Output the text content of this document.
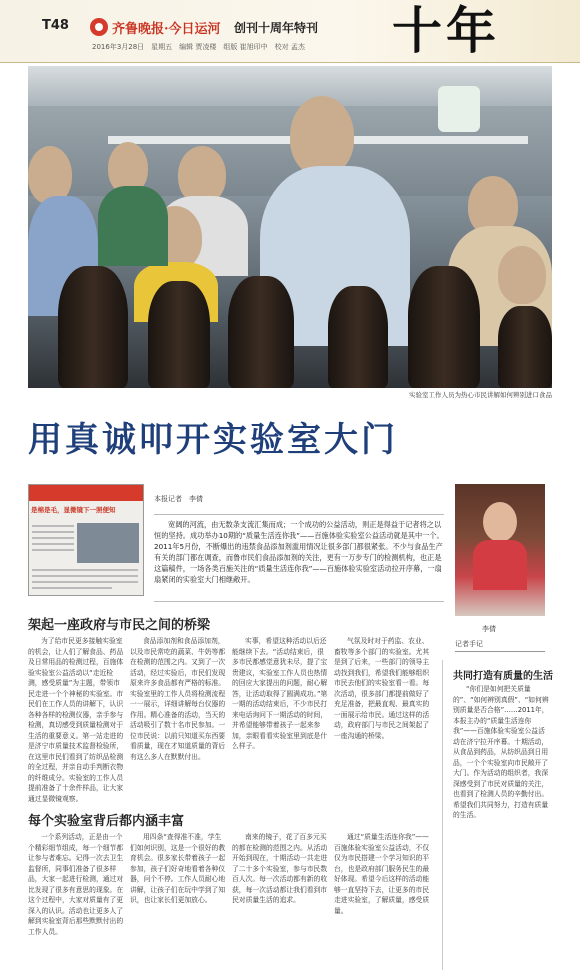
T48	齐鲁晚报·今日运河 创刊十周年特刊
2016年3月28日　星期五　编辑 贾凌楼　组版 崔旭印中　校对 孟杰 十年
实验室工作人员为热心市民讲解如何辨别进口食品
用真诚叩开实验室大门
是棉是毛，显微镜下一照便知
本报记者　李倩
宽阔的河流，由无数条支流汇集而成；一个成功的公益活动，则正是得益于记者将之以恒的坚持。成功举办10期的“质量生活连你我”——百施体验实验室公益活动就是其中一个。2011年5月份，不断爆出的违禁食品添加剂滥用情况让很多部门都很紧张。不少与食品生产有关的部门都在调查，而鲁市民们食品添加剂的关注，更有一万步专门的检测机构，也正是这篇稿件，一场各类百施关注的“质量生活连你我”——百施体验实验室活动拉开序幕，一扇扇紧闭的实验室大门相继敞开。
李倩
记者手记
架起一座政府与市民之间的桥梁
每个实验室背后都内涵丰富
共同打造有质量的生活
为了给市民更多接触实验室的机会，让人们了解食品、药品及日常用品的检测过程，百施体验实验室公益活动以“走近检测，感受质量”为主题，带领市民走进一个个神秘的实验室。市民们在工作人员的讲解下，认识各种各样的检测仪器，亲手参与检测，真切感受到质量检测对于生活的重要意义。第一站走进的是济宁市质量技术监督检验所，在这里市民们看到了纺织品检测的全过程，并亲自动手判断衣物的纤维成分。实验室的工作人员提前准备了十余件样品，让大家通过显微镜观察。
食品添加剂和食品添加剂，以及市民常吃的蔬菜、牛奶等都在检测的范围之内。又到了一次活动，经过实验后，市民们发现原来许多食品都有严格的标准。实验室里的工作人员将检测流程一一展示，详细讲解每台仪器的作用。精心准备的活动，当天的活动吸引了数十名市民参加。一位市民说：以前只知道买东西要看质量，现在才知道质量的背后有这么多人在默默付出。
实事，希望这种活动以后还能继续下去。“活动结束后，很多市民都感觉意犹未尽，提了宝贵建议，实验室工作人员也热情的回应大家提出的问题，耐心解答，让活动取得了圆满成功。”第一期的活动结束后，不少市民打来电话询问下一期活动的时间，并希望能够带着孩子一起来参加，亲眼看看实验室里到底是什么样子。
气氛及时对于药监、农业、畜牧等多个部门的实验室。尤其是到了后来，一些部门的领导主动找到我们，希望我们能够组织市民去他们的实验室看一看。每次活动，很多部门都提前做好了充足准备，把最直观、最真实的一面展示给市民。通过这样的活动，政府部门与市民之间架起了一座沟通的桥梁。
一个系列活动，正是由一个个精彩细节组成，每一个细节都让参与者难忘。记得一次去卫生监督所，同事们准备了很多样品，大家一起进行检测，通过对比发现了很多有意思的现象。在这个过程中，大家对质量有了更深入的认识。活动也让更多人了解到实验室背后那些默默付出的工作人员。
用四条“查得准不准，学生们如何识别，这是一个很好的教育机会。很多家长带着孩子一起参加，孩子们好奇地看着各种仪器，问个不停。工作人员耐心地讲解，让孩子们在玩中学到了知识，也让家长们更加放心。
南来的镜子，花了百多元买的都在检测的范围之内。从活动开始到现在，十期活动一共走进了二十多个实验室，参与市民数百人次。每一次活动都有新的收获，每一次活动都让我们看到市民对质量生活的追求。
通过“质量生活连你我”——百施体验实验室公益活动，不仅仅为市民搭建一个学习知识的平台，也是政府部门服务民生的最好体现。希望今后这样的活动能够一直坚持下去，让更多的市民走进实验室，了解质量，感受质量。
“你们是如何把关质量的”、“如何辨别真假”、“如何辨别质量是否合格”……2011年，本报主办的“质量生活连你我”——百施体验实验室公益活动在济宁拉开序幕。十期活动，从食品到药品，从纺织品到日用品，一个个实验室向市民敞开了大门。作为活动的组织者，我深深感受到了市民对质量的关注，也看到了检测人员的辛勤付出。希望我们共同努力，打造有质量的生活。
